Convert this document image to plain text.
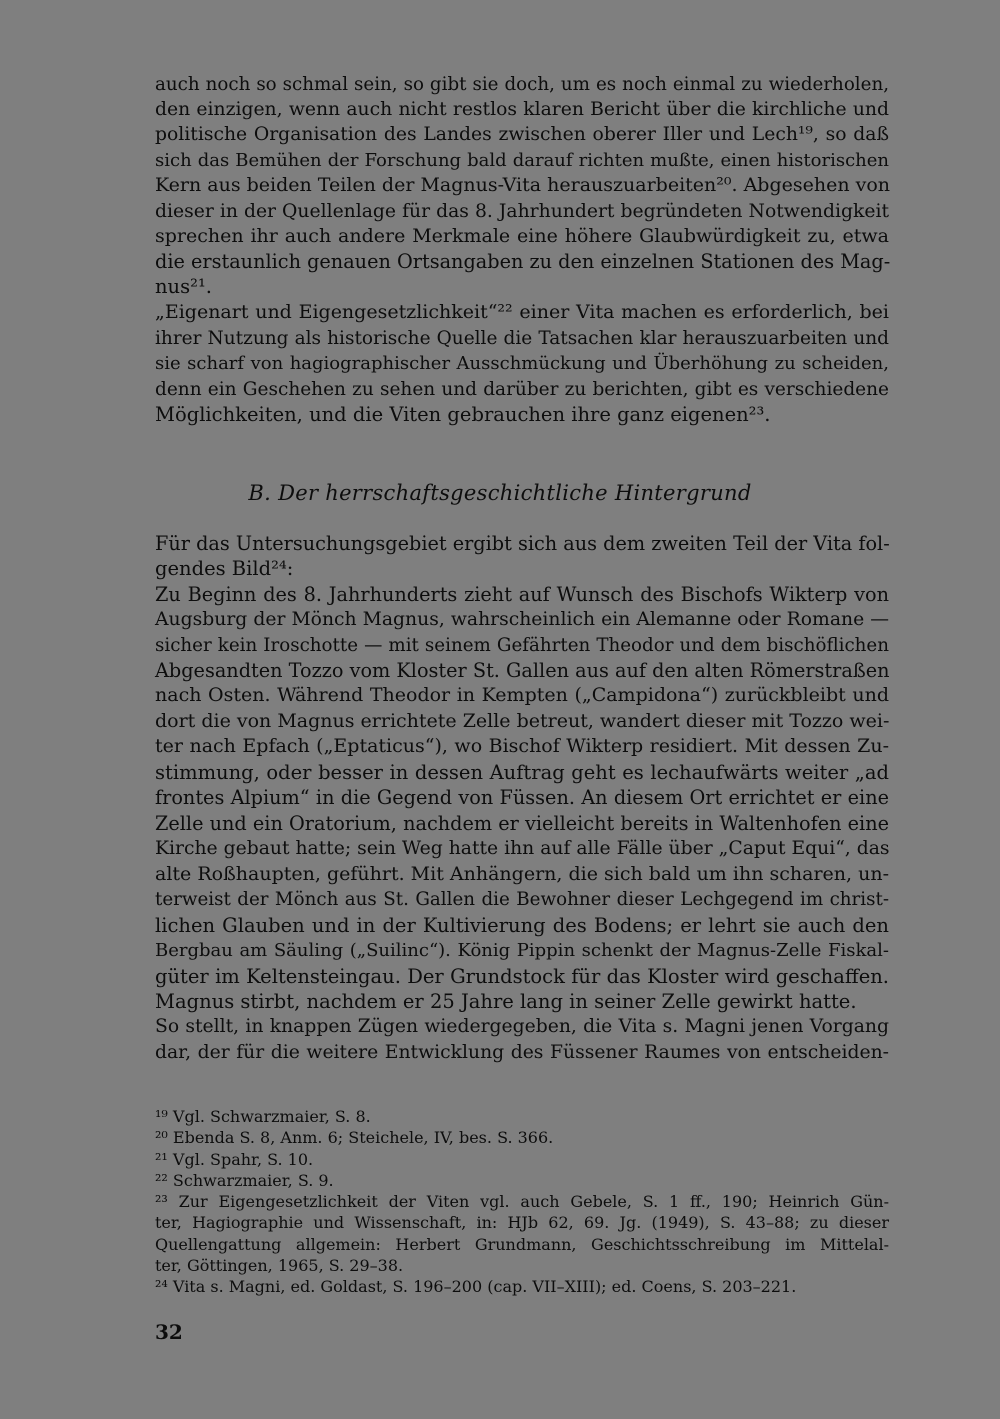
auch noch so schmal sein, so gibt sie doch, um es noch einmal zu wiederholen,
den einzigen, wenn auch nicht restlos klaren Bericht über die kirchliche und
politische Organisation des Landes zwischen oberer Iller und Lech¹⁹, so daß
sich das Bemühen der Forschung bald darauf richten mußte, einen historischen
Kern aus beiden Teilen der Magnus-Vita herauszuarbeiten²⁰. Abgesehen von
dieser in der Quellenlage für das 8. Jahrhundert begründeten Notwendigkeit
sprechen ihr auch andere Merkmale eine höhere Glaubwürdigkeit zu, etwa
die erstaunlich genauen Ortsangaben zu den einzelnen Stationen des Mag-
nus²¹.
„Eigenart und Eigengesetzlichkeit“²² einer Vita machen es erforderlich, bei
ihrer Nutzung als historische Quelle die Tatsachen klar herauszuarbeiten und
sie scharf von hagiographischer Ausschmückung und Überhöhung zu scheiden,
denn ein Geschehen zu sehen und darüber zu berichten, gibt es verschiedene
Möglichkeiten, und die Viten gebrauchen ihre ganz eigenen²³.
B. Der herrschaftsgeschichtliche Hintergrund
Für das Untersuchungsgebiet ergibt sich aus dem zweiten Teil der Vita fol-
gendes Bild²⁴:
Zu Beginn des 8. Jahrhunderts zieht auf Wunsch des Bischofs Wikterp von
Augsburg der Mönch Magnus, wahrscheinlich ein Alemanne oder Romane —
sicher kein Iroschotte — mit seinem Gefährten Theodor und dem bischöflichen
Abgesandten Tozzo vom Kloster St. Gallen aus auf den alten Römerstraßen
nach Osten. Während Theodor in Kempten („Campidona“) zurückbleibt und
dort die von Magnus errichtete Zelle betreut, wandert dieser mit Tozzo wei-
ter nach Epfach („Eptaticus“), wo Bischof Wikterp residiert. Mit dessen Zu-
stimmung, oder besser in dessen Auftrag geht es lechaufwärts weiter „ad
frontes Alpium“ in die Gegend von Füssen. An diesem Ort errichtet er eine
Zelle und ein Oratorium, nachdem er vielleicht bereits in Waltenhofen eine
Kirche gebaut hatte; sein Weg hatte ihn auf alle Fälle über „Caput Equi“, das
alte Roßhaupten, geführt. Mit Anhängern, die sich bald um ihn scharen, un-
terweist der Mönch aus St. Gallen die Bewohner dieser Lechgegend im christ-
lichen Glauben und in der Kultivierung des Bodens; er lehrt sie auch den
Bergbau am Säuling („Suilinc“). König Pippin schenkt der Magnus-Zelle Fiskal-
güter im Keltensteingau. Der Grundstock für das Kloster wird geschaffen.
Magnus stirbt, nachdem er 25 Jahre lang in seiner Zelle gewirkt hatte.
So stellt, in knappen Zügen wiedergegeben, die Vita s. Magni jenen Vorgang
dar, der für die weitere Entwicklung des Füssener Raumes von entscheiden-
¹⁹ Vgl. Schwarzmaier, S. 8.
²⁰ Ebenda S. 8, Anm. 6; Steichele, IV, bes. S. 366.
²¹ Vgl. Spahr, S. 10.
²² Schwarzmaier, S. 9.
²³ Zur Eigengesetzlichkeit der Viten vgl. auch Gebele, S. 1 ff., 190; Heinrich Gün-
ter, Hagiographie und Wissenschaft, in: HJb 62, 69. Jg. (1949), S. 43–88; zu dieser
Quellengattung allgemein: Herbert Grundmann, Geschichtsschreibung im Mittelal-
ter, Göttingen, 1965, S. 29–38.
²⁴ Vita s. Magni, ed. Goldast, S. 196–200 (cap. VII–XIII); ed. Coens, S. 203–221.
32
